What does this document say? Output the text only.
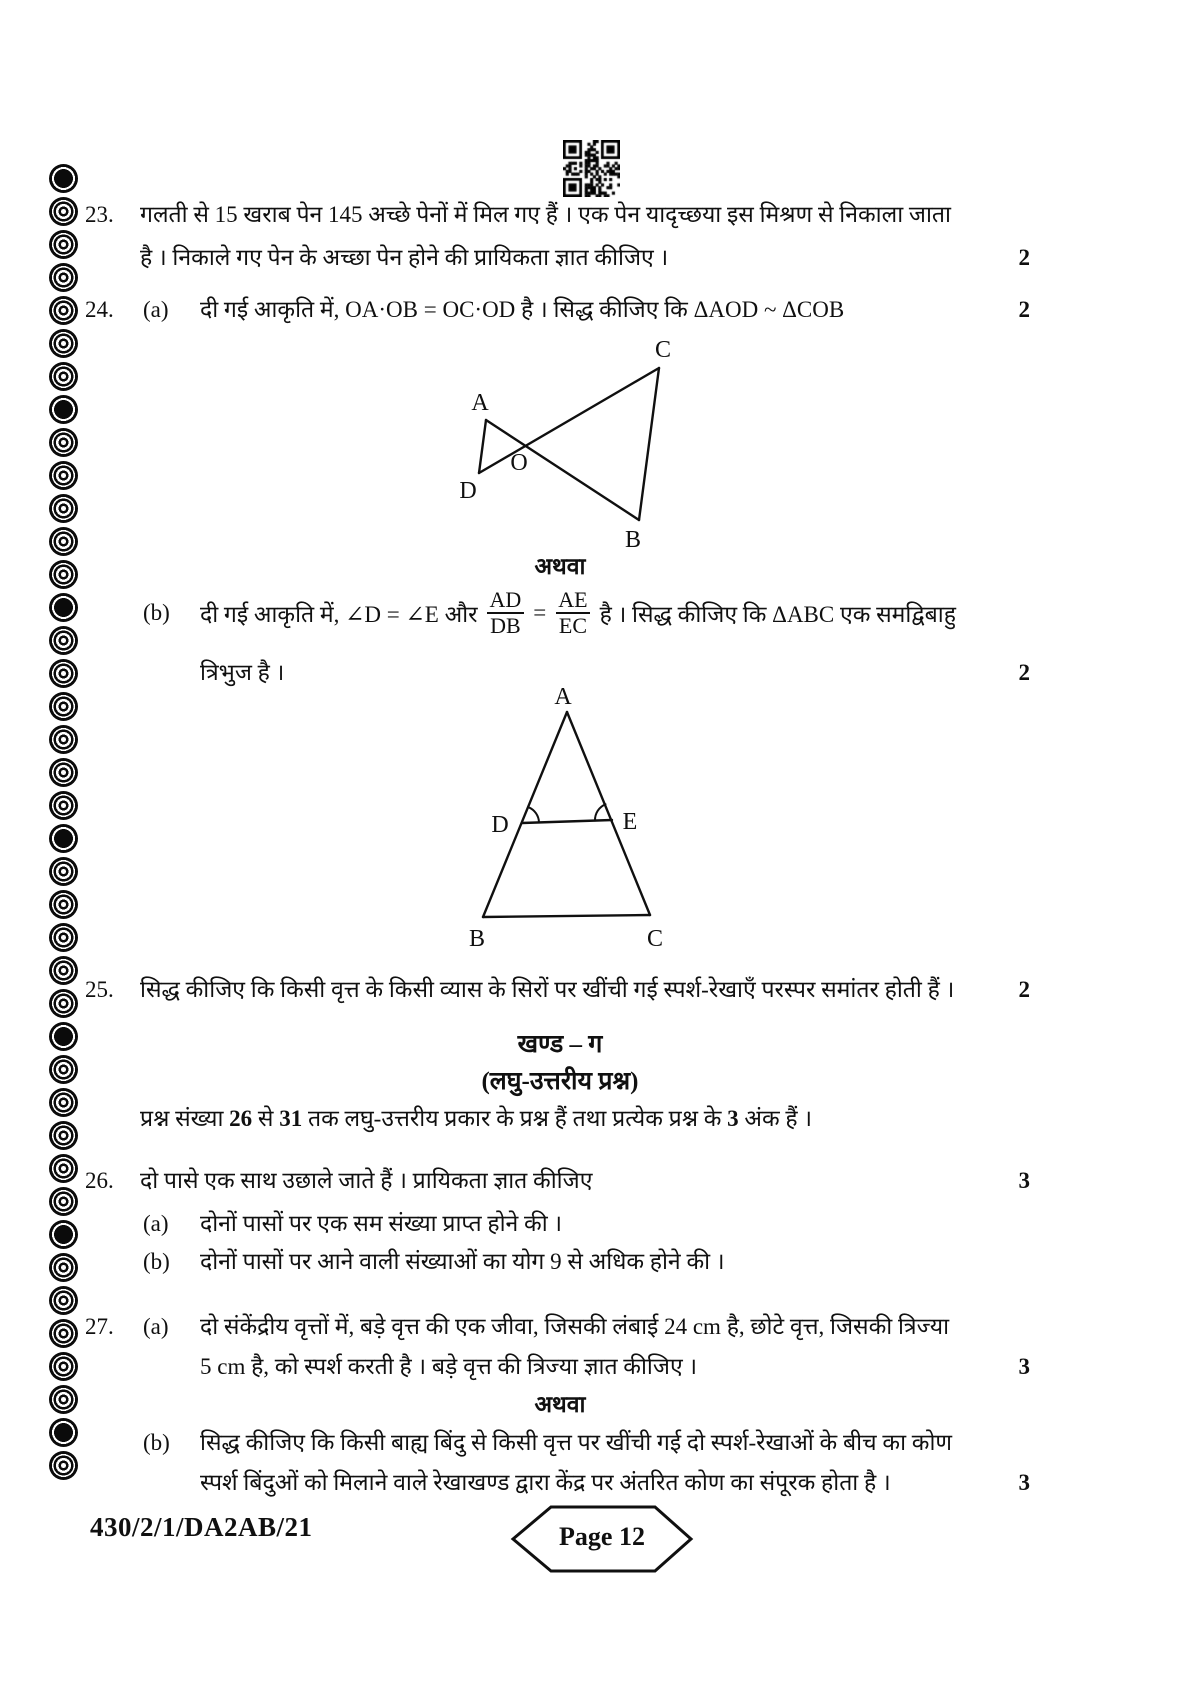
23. गलती से 15 खराब पेन 145 अच्छे पेनों में मिल गए हैं । एक पेन यादृच्छया इस मिश्रण से निकाला जाता
है । निकाले गए पेन के अच्छा पेन होने की प्रायिकता ज्ञात कीजिए ।	2
24. (a) दी गई आकृति में, OA·OB = OC·OD है । सिद्ध कीजिए कि ΔAOD ~ ΔCOB	2
A
C
O
D
B
अथवा
(b) दी गई आकृति में, ∠D = ∠E और $\frac{AD}{DB} = \frac{AE}{EC}$ है । सिद्ध कीजिए कि ΔABC एक समद्विबाहु
त्रिभुज है ।	2
A
D	E
B	C
25. सिद्ध कीजिए कि किसी वृत्त के किसी व्यास के सिरों पर खींची गई स्पर्श-रेखाएँ परस्पर समांतर होती हैं ।	2
खण्ड – ग
(लघु-उत्तरीय प्रश्न)
प्रश्न संख्या 26 से 31 तक लघु-उत्तरीय प्रकार के प्रश्न हैं तथा प्रत्येक प्रश्न के 3 अंक हैं ।
26. दो पासे एक साथ उछाले जाते हैं । प्रायिकता ज्ञात कीजिए	3
(a) दोनों पासों पर एक सम संख्या प्राप्त होने की ।
(b) दोनों पासों पर आने वाली संख्याओं का योग 9 से अधिक होने की ।
27. (a) दो संकेंद्रीय वृत्तों में, बड़े वृत्त की एक जीवा, जिसकी लंबाई 24 cm है, छोटे वृत्त, जिसकी त्रिज्या
5 cm है, को स्पर्श करती है । बड़े वृत्त की त्रिज्या ज्ञात कीजिए ।	3
अथवा
(b) सिद्ध कीजिए कि किसी बाह्य बिंदु से किसी वृत्त पर खींची गई दो स्पर्श-रेखाओं के बीच का कोण
स्पर्श बिंदुओं को मिलाने वाले रेखाखण्ड द्वारा केंद्र पर अंतरित कोण का संपूरक होता है ।	3
430/2/1/DA2AB/21	Page 12
